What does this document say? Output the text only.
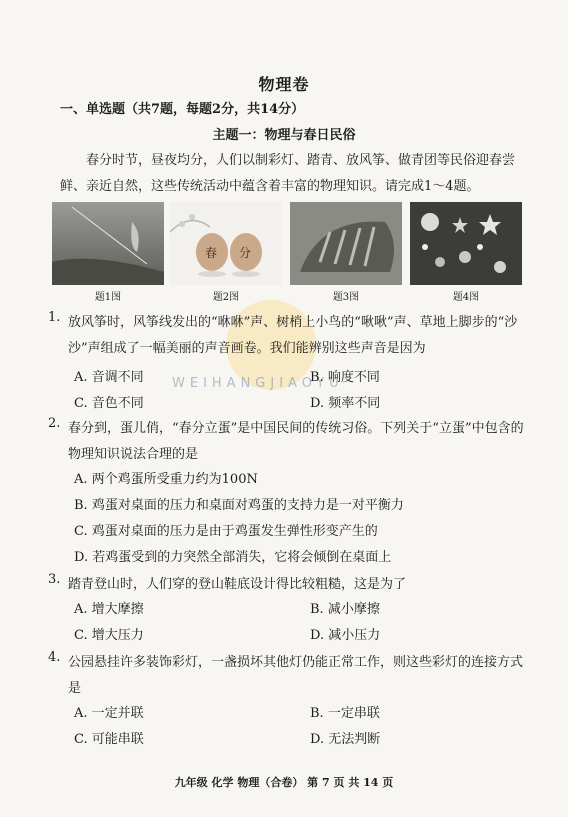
物理卷
一、单选题（共7题，每题2分，共14分）
主题一：物理与春日民俗
春分时节，昼夜均分，人们以制彩灯、踏青、放风筝、做青团等民俗迎春尝鲜、亲近自然，这些传统活动中蕴含着丰富的物理知识。请完成1～4题。
题1图
春 分
题2图	题3图	题4图
WEIHANGJIAOYU
1. 放风筝时，风筝线发出的“咻咻”声、树梢上小鸟的“啾啾”声、草地上脚步的“沙沙”声组成了一幅美丽的声音画卷。我们能辨别这些声音是因为
A. 音调不同	B. 响度不同
C. 音色不同	D. 频率不同
2. 春分到，蛋儿俏，“春分立蛋”是中国民间的传统习俗。下列关于“立蛋”中包含的物理知识说法合理的是
A. 两个鸡蛋所受重力约为100N
B. 鸡蛋对桌面的压力和桌面对鸡蛋的支持力是一对平衡力
C. 鸡蛋对桌面的压力是由于鸡蛋发生弹性形变产生的
D. 若鸡蛋受到的力突然全部消失，它将会倾倒在桌面上
3. 踏青登山时，人们穿的登山鞋底设计得比较粗糙，这是为了
A. 增大摩擦	B. 减小摩擦
C. 增大压力	D. 减小压力
4. 公园悬挂许多装饰彩灯，一盏损坏其他灯仍能正常工作，则这些彩灯的连接方式是
A. 一定并联	B. 一定串联
C. 可能串联	D. 无法判断
九年级 化学 物理（合卷） 第 7 页 共 14 页
